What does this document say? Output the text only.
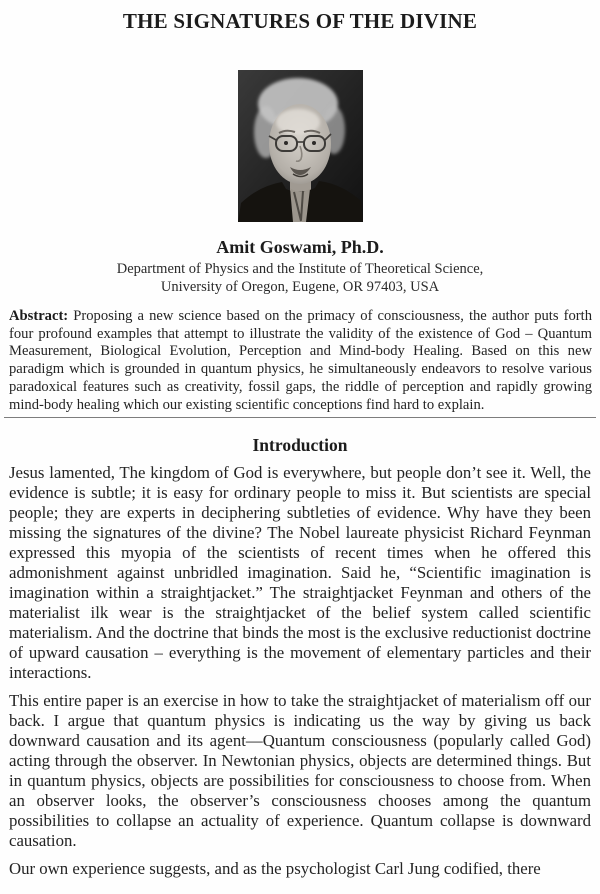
THE SIGNATURES OF THE DIVINE
Amit Goswami, Ph.D.
Department of Physics and the Institute of Theoretical Science,
University of Oregon, Eugene, OR 97403, USA

Abstract: Proposing a new science based on the primacy of consciousness, the author puts forth four profound examples that attempt to illustrate the validity of the existence of God – Quantum Measurement, Biological Evolution, Perception and Mind-body Healing. Based on this new paradigm which is grounded in quantum physics, he simultaneously endeavors to resolve various paradoxical features such as creativity, fossil gaps, the riddle of perception and rapidly growing mind-body healing which our existing scientific conceptions find hard to explain.

Introduction

Jesus lamented, The kingdom of God is everywhere, but people don’t see it. Well, the evidence is subtle; it is easy for ordinary people to miss it. But scientists are special people; they are experts in deciphering subtleties of evidence. Why have they been missing the signatures of the divine? The Nobel laureate physicist Richard Feynman expressed this myopia of the scientists of recent times when he offered this admonishment against unbridled imagination. Said he, “Scientific imagination is imagination within a straightjacket.” The straightjacket Feynman and others of the materialist ilk wear is the straightjacket of the belief system called scientific materialism. And the doctrine that binds the most is the exclusive reductionist doctrine of upward causation – everything is the movement of elementary particles and their interactions.

This entire paper is an exercise in how to take the straightjacket of materialism off our back. I argue that quantum physics is indicating us the way by giving us back downward causation and its agent—Quantum consciousness (popularly called God) acting through the observer. In Newtonian physics, objects are determined things. But in quantum physics, objects are possibilities for consciousness to choose from. When an observer looks, the observer’s consciousness chooses among the quantum possibilities to collapse an actuality of experience. Quantum collapse is downward causation.

Our own experience suggests, and as the psychologist Carl Jung codified, there
